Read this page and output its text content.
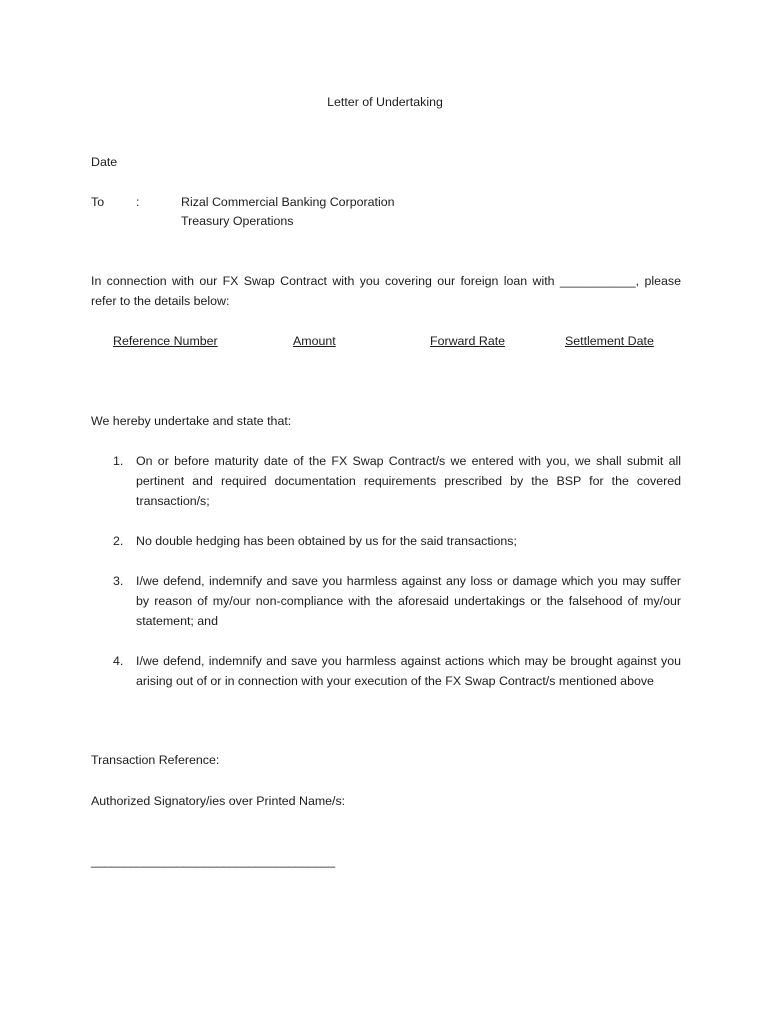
Letter of Undertaking
Date
To	:	Rizal Commercial Banking Corporation
Treasury Operations
In connection with our FX Swap Contract with you covering our foreign loan with ___________, please refer to the details below:
Reference Number	Amount	Forward Rate	Settlement Date
We hereby undertake and state that:
1. On or before maturity date of the FX Swap Contract/s we entered with you, we shall submit all pertinent and required documentation requirements prescribed by the BSP for the covered transaction/s;
2. No double hedging has been obtained by us for the said transactions;
3. I/we defend, indemnify and save you harmless against any loss or damage which you may suffer by reason of my/our non-compliance with the aforesaid undertakings or the falsehood of my/our statement; and
4. I/we defend, indemnify and save you harmless against actions which may be brought against you arising out of or in connection with your execution of the FX Swap Contract/s mentioned above
Transaction Reference:
Authorized Signatory/ies over Printed Name/s:
_____________________________________
